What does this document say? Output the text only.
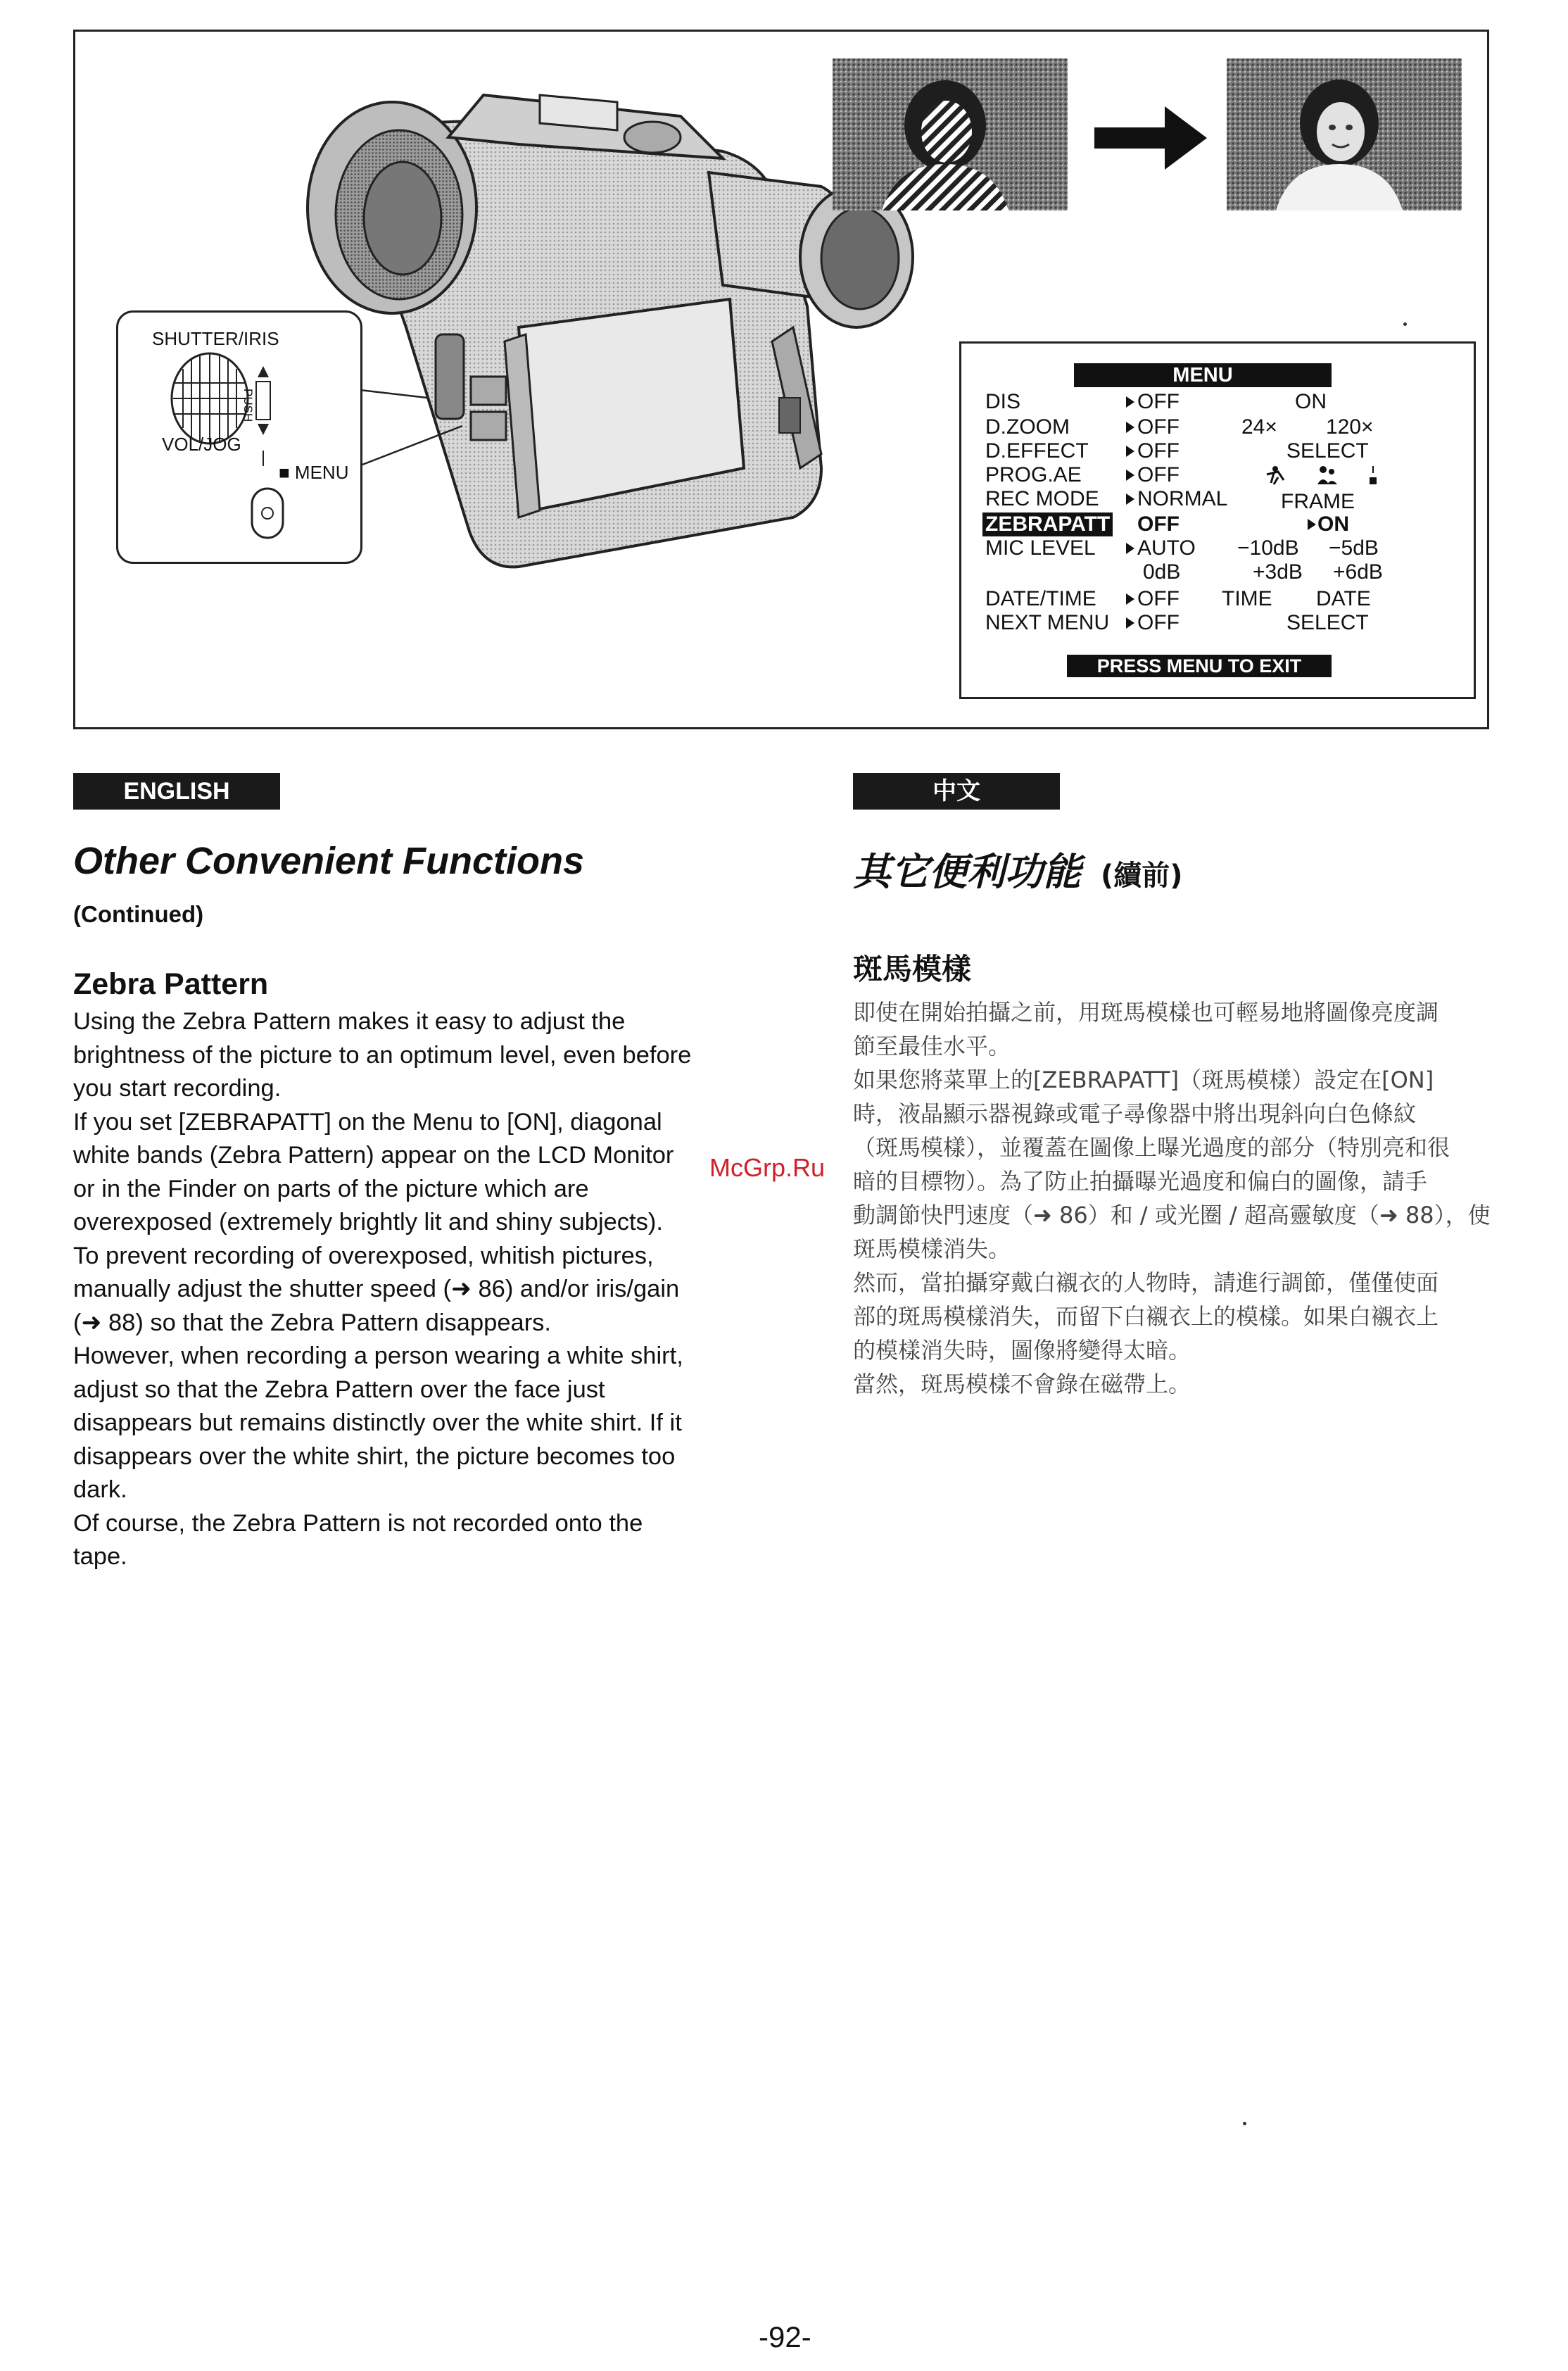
SHUTTER/IRIS
PUSH
VOL/JOG
■ MENU
MENU
DIS	OFF	ON
D.ZOOM	OFF	24× 120×
D.EFFECT OFF	SELECT
PROG.AE	OFF
REC MODE NORMAL	FRAME
ZEBRAPATT OFF	ON
MIC LEVEL AUTO −10dB −5dB
0dB	+3dB +6dB
DATE/TIME OFF TIME DATE
NEXT MENU OFF	SELECT
PRESS MENU TO EXIT
ENGLISH
Other Convenient Functions
(Continued)
Zebra Pattern

Using the Zebra Pattern makes it easy to adjust the

brightness of the picture to an optimum level, even before

you start recording.

If you set [ZEBRAPATT] on the Menu to [ON], diagonal

white bands (Zebra Pattern) appear on the LCD Monitor

or in the Finder on parts of the picture which are

overexposed (extremely brightly lit and shiny subjects).

To prevent recording of overexposed, whitish pictures,

manually adjust the shutter speed (➜ 86) and/or iris/gain

(➜ 88) so that the Zebra Pattern disappears.

However, when recording a person wearing a white shirt,

adjust so that the Zebra Pattern over the face just

disappears but remains distinctly over the white shirt. If it

disappears over the white shirt, the picture becomes too

dark.

Of course, the Zebra Pattern is not recorded onto the

tape.

中文
其它便利功能 (續前)
斑馬模樣

即使在開始拍攝之前，用斑馬模樣也可輕易地將圖像亮度調

節至最佳水平。

如果您將菜單上的[ZEBRAPATT]（斑馬模樣）設定在[ON]

時，液晶顯示器視錄或電子尋像器中將出現斜向白色條紋

（斑馬模樣），並覆蓋在圖像上曝光過度的部分（特別亮和很

暗的目標物）。為了防止拍攝曝光過度和偏白的圖像，請手

動調節快門速度（➜ 86）和 / 或光圈 / 超高靈敏度（➜ 88），使

斑馬模樣消失。

然而，當拍攝穿戴白襯衣的人物時，請進行調節，僅僅使面

部的斑馬模樣消失，而留下白襯衣上的模樣。如果白襯衣上

的模樣消失時，圖像將變得太暗。

當然，斑馬模樣不會錄在磁帶上。

McGrp.Ru
-92-
